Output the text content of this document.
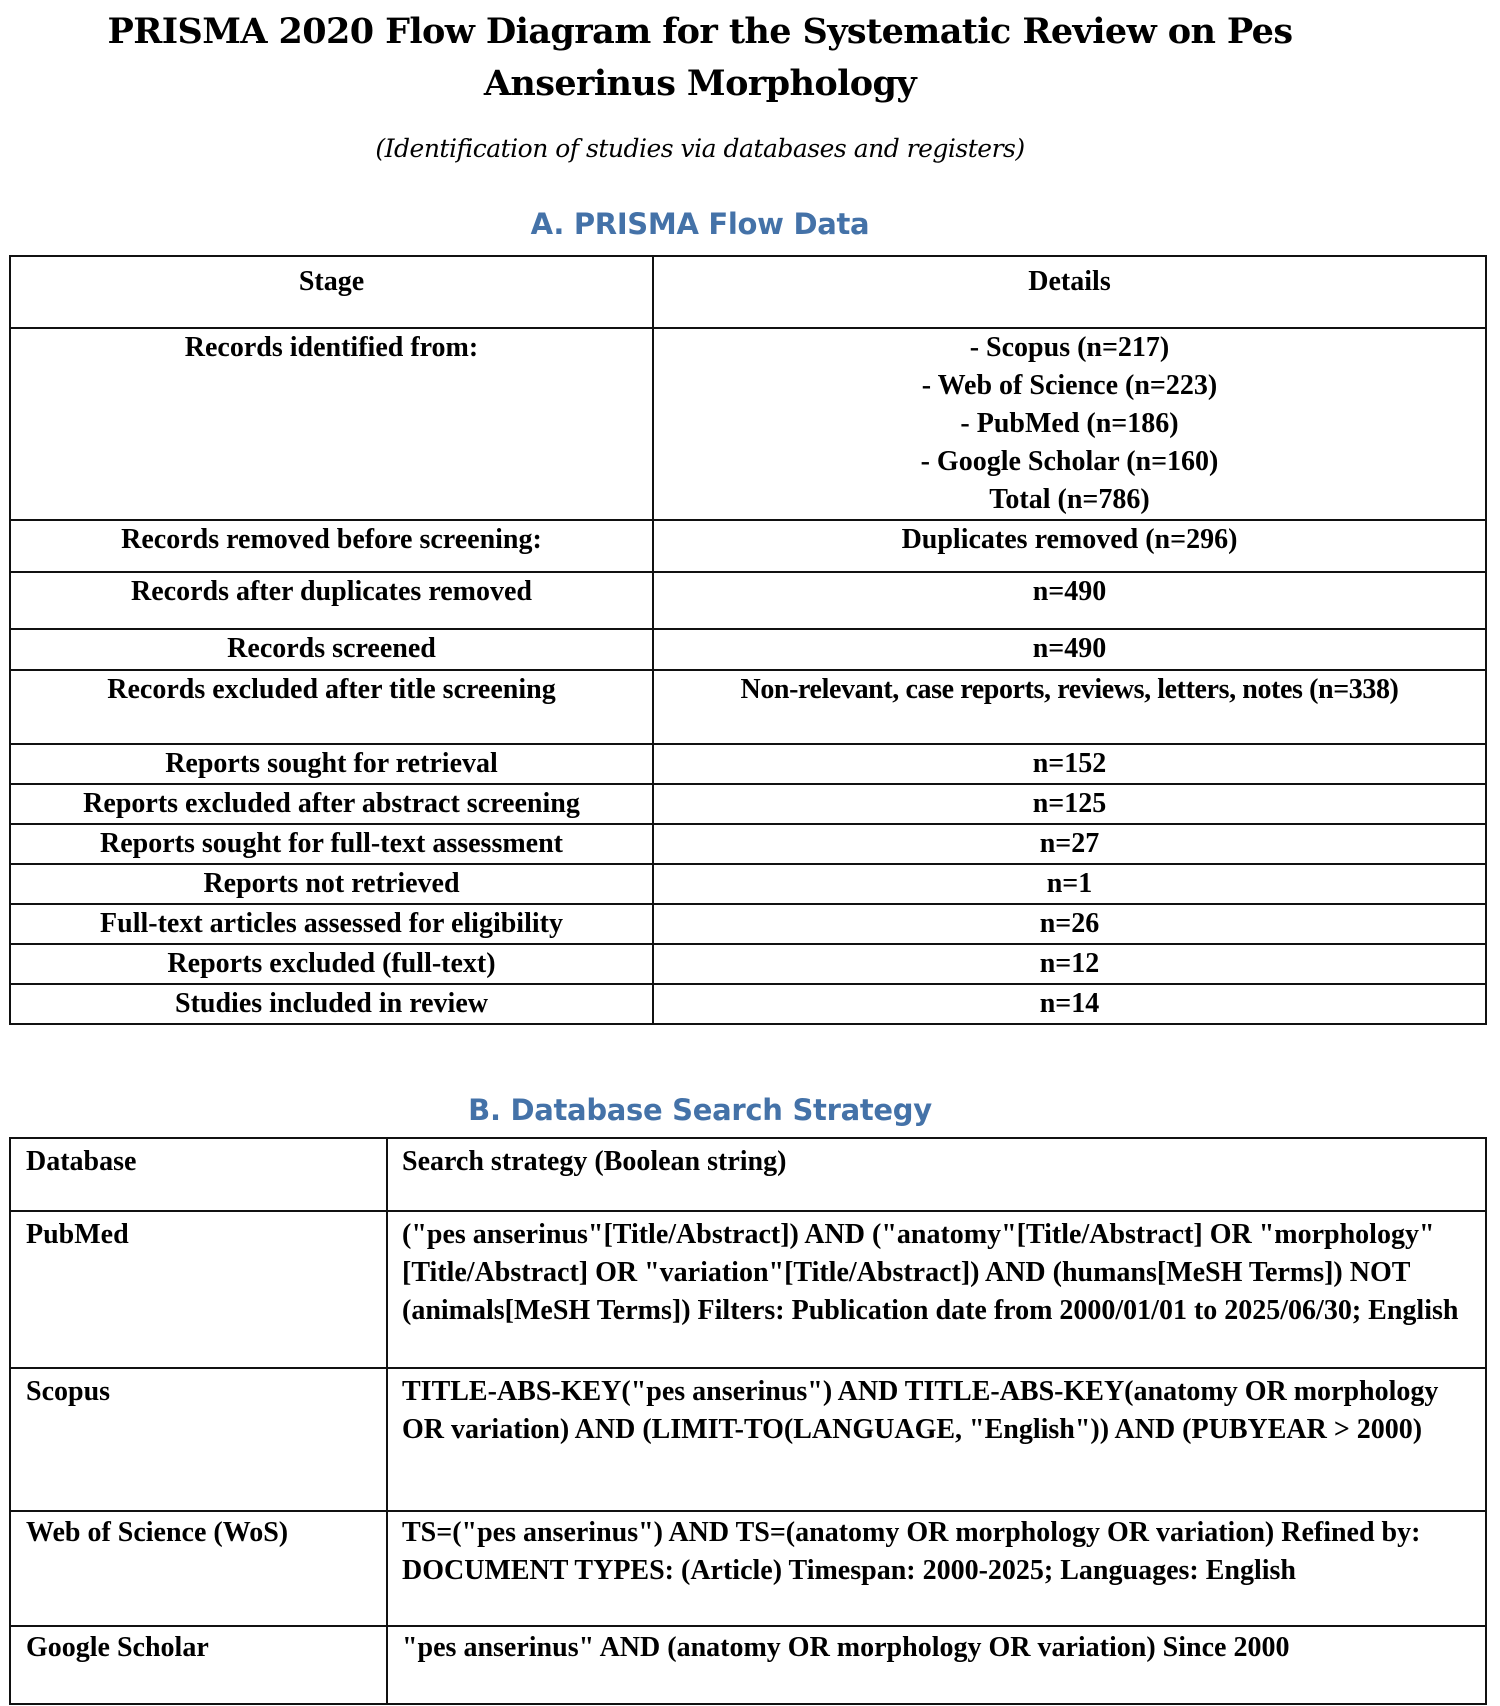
PRISMA 2020 Flow Diagram for the Systematic Review on Pes
Anserinus Morphology
(Identification of studies via databases and registers)
A. PRISMA Flow Data
Stage	Details
Records identified from:	- Scopus (n=217)
- Web of Science (n=223)
- PubMed (n=186)
- Google Scholar (n=160)
Total (n=786)

Records removed before screening:	Duplicates removed (n=296)
Records after duplicates removed	n=490
Records screened	n=490
Records excluded after title screening	Non-relevant, case reports, reviews, letters, notes (n=338)
Reports sought for retrieval	n=152
Reports excluded after abstract screening	n=125
Reports sought for full-text assessment	n=27
Reports not retrieved	n=1
Full-text articles assessed for eligibility	n=26
Reports excluded (full-text)	n=12
Studies included in review	n=14
B. Database Search Strategy
Database	Search strategy (Boolean string)
PubMed	("pes anserinus"[Title/Abstract]) AND ("anatomy"[Title/Abstract] OR "morphology"[Title/Abstract] OR "variation"[Title/Abstract]) AND (humans[MeSH Terms]) NOT (animals[MeSH Terms]) Filters: Publication date from 2000/01/01 to 2025/06/30; English
Scopus	TITLE-ABS-KEY("pes anserinus") AND TITLE-ABS-KEY(anatomy OR morphology OR variation) AND (LIMIT-TO(LANGUAGE, "English")) AND (PUBYEAR > 2000)
Web of Science (WoS)	TS=("pes anserinus") AND TS=(anatomy OR morphology OR variation) Refined by: DOCUMENT TYPES: (Article) Timespan: 2000-2025; Languages: English
Google Scholar	"pes anserinus" AND (anatomy OR morphology OR variation) Since 2000
